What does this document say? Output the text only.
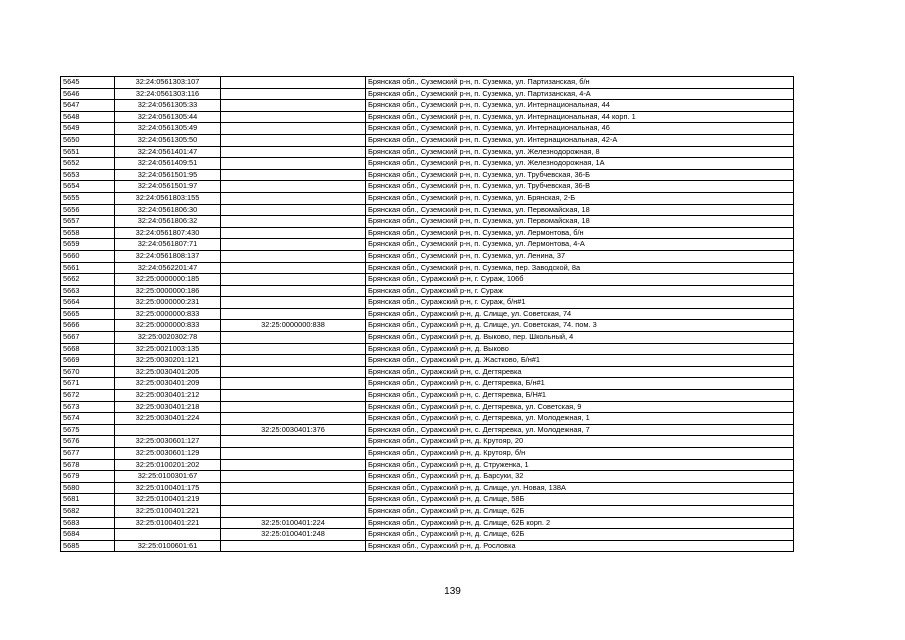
5645	32:24:0561303:107		Брянская обл., Суземский р-н, п. Суземка, ул. Партизанская, б/н
5646	32:24:0561303:116		Брянская обл., Суземский р-н, п. Суземка, ул. Партизанская, 4-А
5647	32:24:0561305:33		Брянская обл., Суземский р-н, п. Суземка, ул. Интернациональная, 44
5648	32:24:0561305:44		Брянская обл., Суземский р-н, п. Суземка, ул. Интернациональная, 44 корп. 1
5649	32:24:0561305:49		Брянская обл., Суземский р-н, п. Суземка, ул. Интернациональная, 46
5650	32:24:0561305:50		Брянская обл., Суземский р-н, п. Суземка, ул. Интернациональная, 42-А
5651	32:24:0561401:47		Брянская обл., Суземский р-н, п. Суземка, ул. Железнодорожная, 8
5652	32:24:0561409:51		Брянская обл., Суземский р-н, п. Суземка, ул. Железнодорожная, 1А
5653	32:24:0561501:95		Брянская обл., Суземский р-н, п. Суземка, ул. Трубчевская, 36-Б
5654	32:24:0561501:97		Брянская обл., Суземский р-н, п. Суземка, ул. Трубчевская, 36-В
5655	32:24:0561803:155		Брянская обл., Суземский р-н, п. Суземка, ул. Брянская, 2-Б
5656	32:24:0561806:30		Брянская обл., Суземский р-н, п. Суземка, ул. Первомайская, 18
5657	32:24:0561806:32		Брянская обл., Суземский р-н, п. Суземка, ул. Первомайская, 18
5658	32:24:0561807:430		Брянская обл., Суземский р-н, п. Суземка, ул. Лермонтова, б/н
5659	32:24:0561807:71		Брянская обл., Суземский р-н, п. Суземка, ул. Лермонтова, 4-А
5660	32:24:0561808:137		Брянская обл., Суземский р-н, п. Суземка, ул. Ленина, 37
5661	32:24:0562201:47		Брянская обл., Суземский р-н, п. Суземка, пер. Заводской, 8а
5662	32:25:0000000:185		Брянская обл., Суражский р-н, г. Сураж, 106б
5663	32:25:0000000:186		Брянская обл., Суражский р-н, г. Сураж
5664	32:25:0000000:231		Брянская обл., Суражский р-н, г. Сураж, б/н#1
5665	32:25:0000000:833		Брянская обл., Суражский р-н, д. Слище, ул. Советская, 74
5666	32:25:0000000:833	32:25:0000000:838	Брянская обл., Суражский р-н, д. Слище, ул. Советская, 74. пом. 3
5667	32:25:0020302:78		Брянская обл., Суражский р-н, д. Выково, пер. Школьный, 4
5668	32:25:0021003:135		Брянская обл., Суражский р-н, д. Выково
5669	32:25:0030201:121		Брянская обл., Суражский р-н, д. Жастково, Б/н#1
5670	32:25:0030401:205		Брянская обл., Суражский р-н, с. Дегтяревка
5671	32:25:0030401:209		Брянская обл., Суражский р-н, с. Дегтяревка, Б/н#1
5672	32:25:0030401:212		Брянская обл., Суражский р-н, с. Дегтяревка, Б/Н#1
5673	32:25:0030401:218		Брянская обл., Суражский р-н, с. Дегтяревка, ул. Советская, 9
5674	32:25:0030401:224		Брянская обл., Суражский р-н, с. Дегтяревка, ул. Молодежная, 1
5675		32:25:0030401:376	Брянская обл., Суражский р-н, с. Дегтяревка, ул. Молодежная, 7
5676	32:25:0030601:127		Брянская обл., Суражский р-н, д. Крутояр, 20
5677	32:25:0030601:129		Брянская обл., Суражский р-н, д. Крутояр, б/н
5678	32:25:0100201:202		Брянская обл., Суражский р-н, д. Струженка, 1
5679	32:25:0100301:67		Брянская обл., Суражский р-н, д. Барсуки, 32
5680	32:25:0100401:175		Брянская обл., Суражский р-н, д. Слище, ул. Новая, 138А
5681	32:25:0100401:219		Брянская обл., Суражский р-н, д. Слище, 58Б
5682	32:25:0100401:221		Брянская обл., Суражский р-н, д. Слище, 62Б
5683	32:25:0100401:221	32:25:0100401:224	Брянская обл., Суражский р-н, д. Слище, 62Б корп. 2
5684		32:25:0100401:248	Брянская обл., Суражский р-н, д. Слище, 62Б
5685	32:25:0100601:61		Брянская обл., Суражский р-н, д. Рословка
139
